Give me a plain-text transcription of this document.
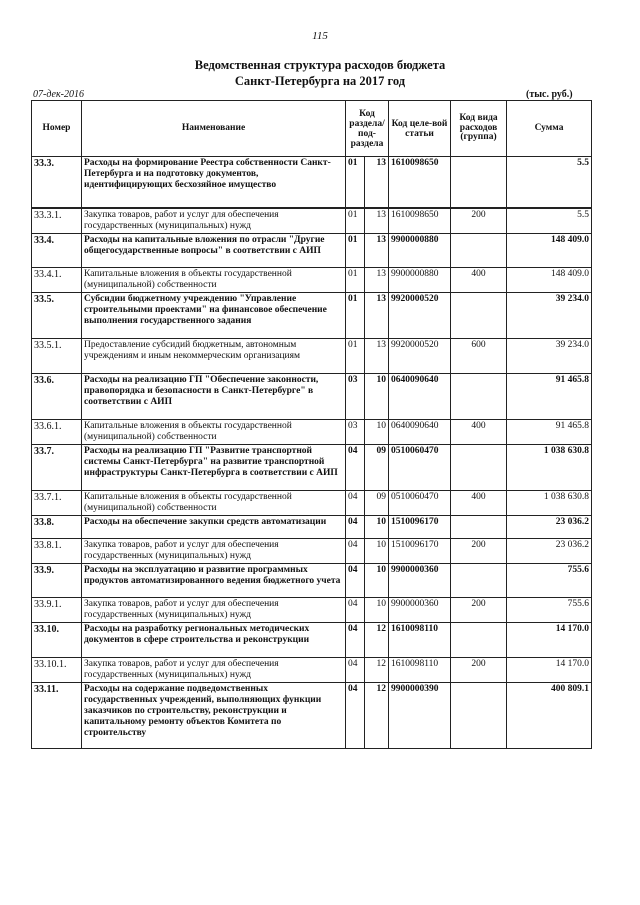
115
Ведомственная структура расходов бюджета
Санкт-Петербурга на 2017 год
07-дек-2016	(тыс. руб.)
Номер	Наименование	Код раздела/ под-раздела		Код целе-вой статьи	Код вида расходов (группа)	Сумма
33.3.	Расходы на формирование Реестра собственности Санкт-Петербурга и на подготовку документов, идентифицирующих бесхозяйное имущество	01	13	1610098650		5.5
33.3.1.	Закупка товаров, работ и услуг для обеспечения государственных (муниципальных) нужд	01	13	1610098650	200	5.5
33.4.	Расходы на капитальные вложения по отрасли "Другие общегосударственные вопросы" в соответствии с АИП	01	13	9900000880		148 409.0
33.4.1.	Капитальные вложения в объекты государственной (муниципальной) собственности	01	13	9900000880	400	148 409.0
33.5.	Субсидии бюджетному учреждению "Управление строительными проектами" на финансовое обеспечение выполнения государственного задания	01	13	9920000520		39 234.0
33.5.1.	Предоставление субсидий бюджетным, автономным учреждениям и иным некоммерческим организациям	01	13	9920000520	600	39 234.0
33.6.	Расходы на реализацию ГП "Обеспечение законности, правопорядка и безопасности в Санкт-Петербурге" в соответствии с АИП	03	10	0640090640		91 465.8
33.6.1.	Капитальные вложения в объекты государственной (муниципальной) собственности	03	10	0640090640	400	91 465.8
33.7.	Расходы на реализацию ГП "Развитие транспортной системы Санкт-Петербурга" на развитие транспортной инфраструктуры Санкт-Петербурга в соответствии с АИП	04	09	0510060470		1 038 630.8
33.7.1.	Капитальные вложения в объекты государственной (муниципальной) собственности	04	09	0510060470	400	1 038 630.8
33.8.	Расходы на обеспечение закупки средств автоматизации	04	10	1510096170		23 036.2
33.8.1.	Закупка товаров, работ и услуг для обеспечения государственных (муниципальных) нужд	04	10	1510096170	200	23 036.2
33.9.	Расходы на эксплуатацию и развитие программных продуктов автоматизированного ведения бюджетного учета	04	10	9900000360		755.6
33.9.1.	Закупка товаров, работ и услуг для обеспечения государственных (муниципальных) нужд	04	10	9900000360	200	755.6
33.10.	Расходы на разработку региональных методических документов в сфере строительства и реконструкции	04	12	1610098110		14 170.0
33.10.1.	Закупка товаров, работ и услуг для обеспечения государственных (муниципальных) нужд	04	12	1610098110	200	14 170.0
33.11.	Расходы на содержание подведомственных государственных учреждений, выполняющих функции заказчиков по строительству, реконструкции и капитальному ремонту объектов Комитета по строительству	04	12	9900000390		400 809.1
